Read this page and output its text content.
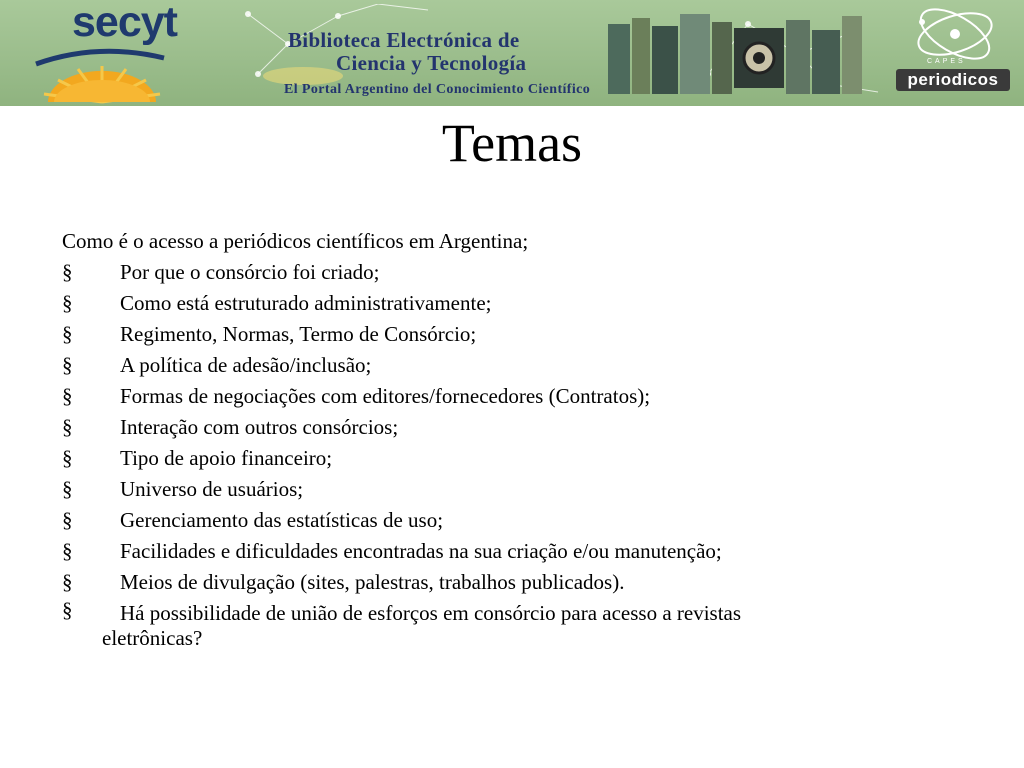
secyt	Biblioteca Electrónica de
Ciencia y Tecnología
El Portal Argentino del Conocimiento Científico
CAPES
periodicos
Temas

Como é o acesso a periódicos científicos em Argentina;

§ Por que o consórcio foi criado;
§ Como está estruturado administrativamente;
§ Regimento, Normas, Termo de Consórcio;
§ A política de adesão/inclusão;
§ Formas de negociações com editores/fornecedores (Contratos);
§ Interação com outros consórcios;
§ Tipo de apoio financeiro;
§ Universo de usuários;
§ Gerenciamento das estatísticas de uso;
§ Facilidades e dificuldades encontradas na sua criação e/ou manutenção;
§ Meios de divulgação (sites, palestras, trabalhos publicados).
§ Há possibilidade de união de esforços em consórcio para acesso a revistas
eletrônicas?
